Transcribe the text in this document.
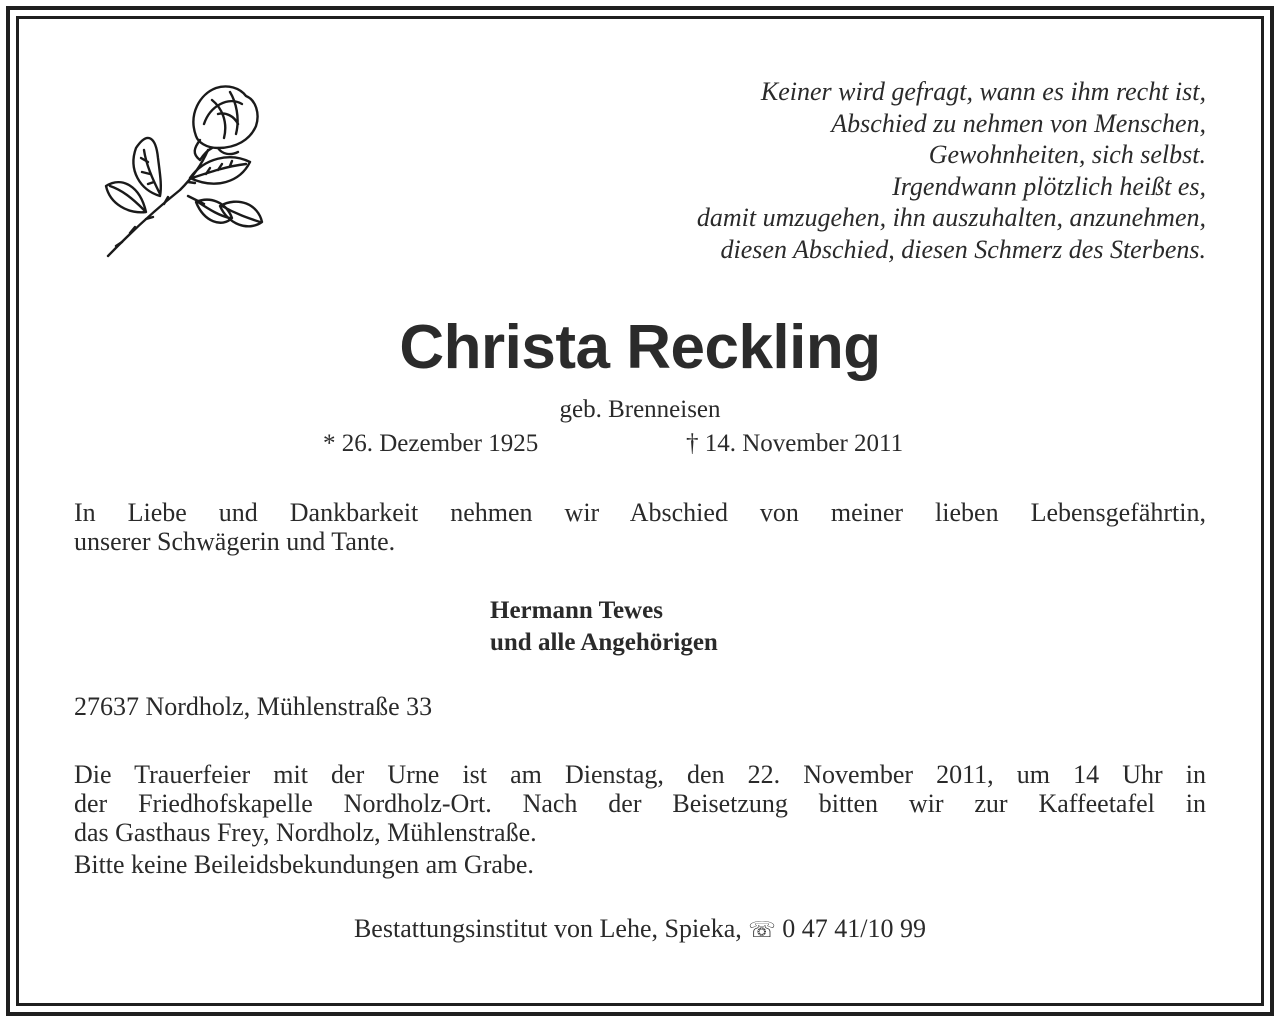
Keiner wird gefragt, wann es ihm recht ist,
Abschied zu nehmen von Menschen,
Gewohnheiten, sich selbst.
Irgendwann plötzlich heißt es,
damit umzugehen, ihn auszuhalten, anzunehmen,
diesen Abschied, diesen Schmerz des Sterbens.
Christa Reckling
geb. Brenneisen
* 26. Dezember 1925	† 14. November 2011
In Liebe und Dankbarkeit nehmen wir Abschied von meiner lieben Lebensgefährtin,
unserer Schwägerin und Tante.
Hermann Tewes
und alle Angehörigen
27637 Nordholz, Mühlenstraße 33
Die Trauerfeier mit der Urne ist am Dienstag, den 22. November 2011, um 14 Uhr in
der Friedhofskapelle Nordholz-Ort. Nach der Beisetzung bitten wir zur Kaffeetafel in
das Gasthaus Frey, Nordholz, Mühlenstraße.
Bitte keine Beileidsbekundungen am Grabe.
Bestattungsinstitut von Lehe, Spieka, ☏ 0 47 41/10 99
